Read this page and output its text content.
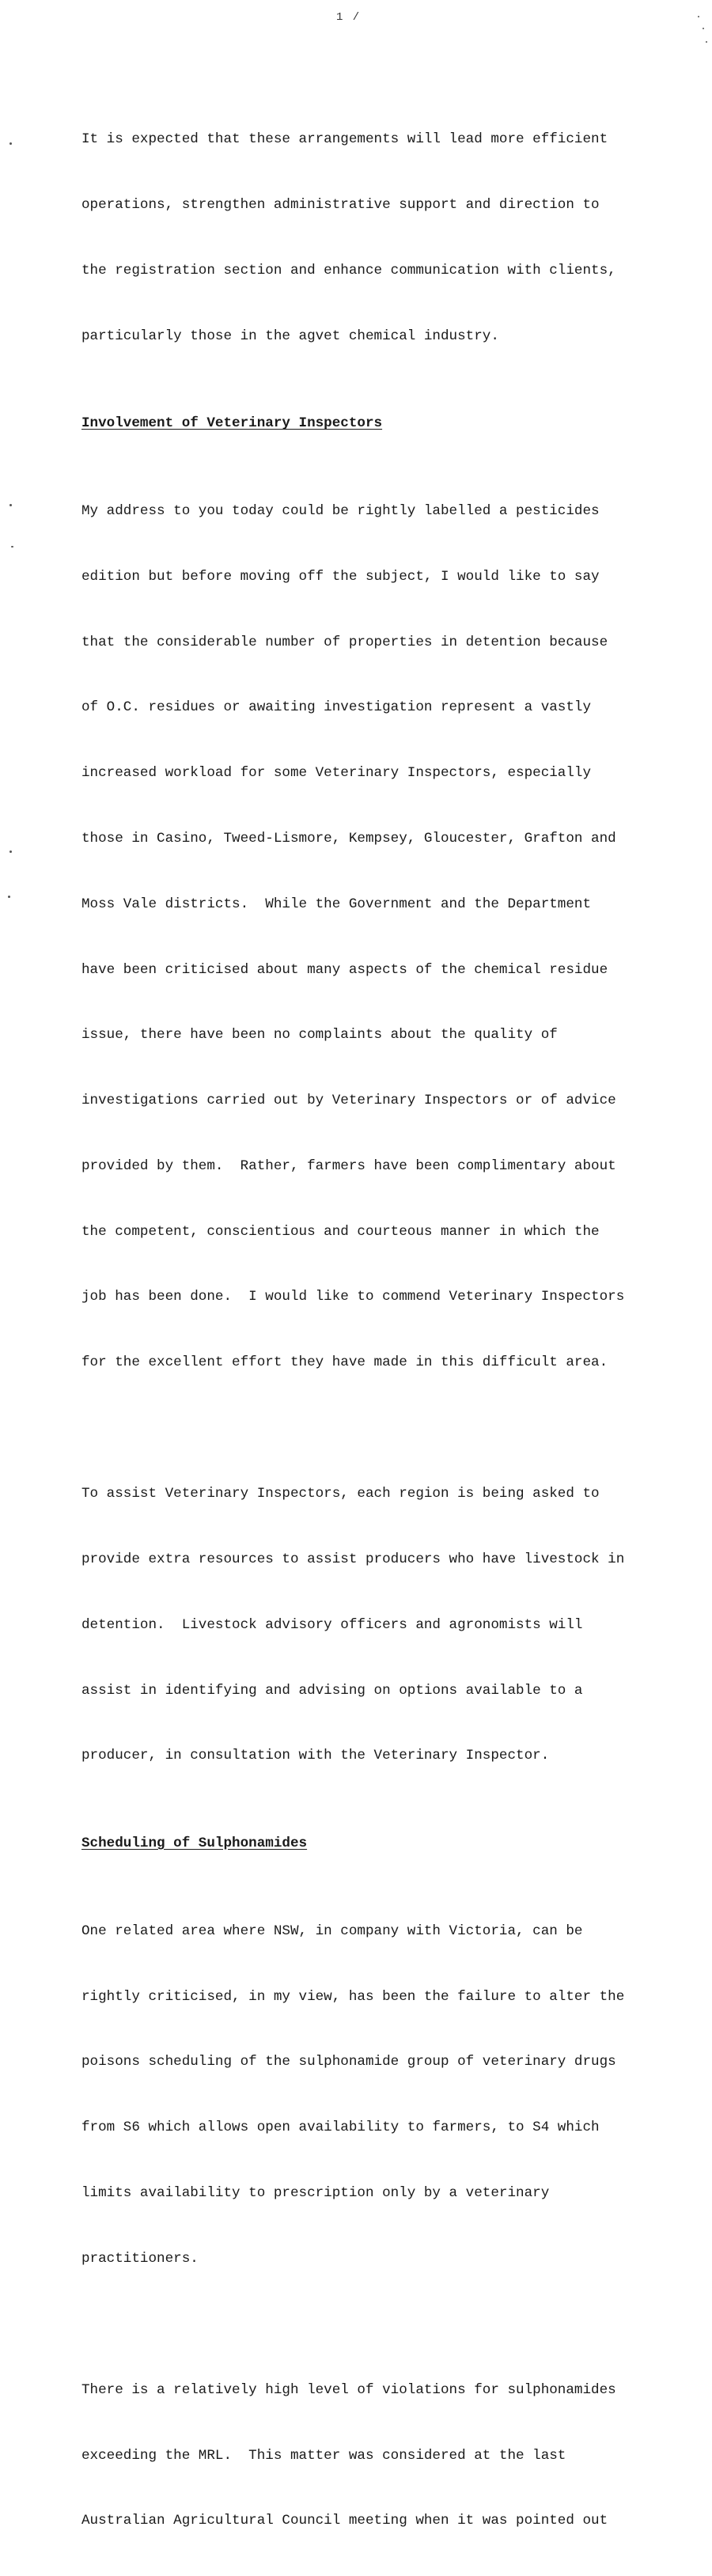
1 /

It is expected that these arrangements will lead more efficient

operations, strengthen administrative support and direction to

the registration section and enhance communication with clients,

particularly those in the agvet chemical industry.

Involvement of Veterinary Inspectors

My address to you today could be rightly labelled a pesticides

edition but before moving off the subject, I would like to say

that the considerable number of properties in detention because

of O.C. residues or awaiting investigation represent a vastly

increased workload for some Veterinary Inspectors, especially

those in Casino, Tweed-Lismore, Kempsey, Gloucester, Grafton and

Moss Vale districts.  While the Government and the Department

have been criticised about many aspects of the chemical residue

issue, there have been no complaints about the quality of

investigations carried out by Veterinary Inspectors or of advice

provided by them.  Rather, farmers have been complimentary about

the competent, conscientious and courteous manner in which the

job has been done.  I would like to commend Veterinary Inspectors

for the excellent effort they have made in this difficult area.

To assist Veterinary Inspectors, each region is being asked to

provide extra resources to assist producers who have livestock in

detention.  Livestock advisory officers and agronomists will

assist in identifying and advising on options available to a

producer, in consultation with the Veterinary Inspector.

Scheduling of Sulphonamides

One related area where NSW, in company with Victoria, can be

rightly criticised, in my view, has been the failure to alter the

poisons scheduling of the sulphonamide group of veterinary drugs

from S6 which allows open availability to farmers, to S4 which

limits availability to prescription only by a veterinary

practitioners.

There is a relatively high level of violations for sulphonamides

exceeding the MRL.  This matter was considered at the last

Australian Agricultural Council meeting when it was pointed out
